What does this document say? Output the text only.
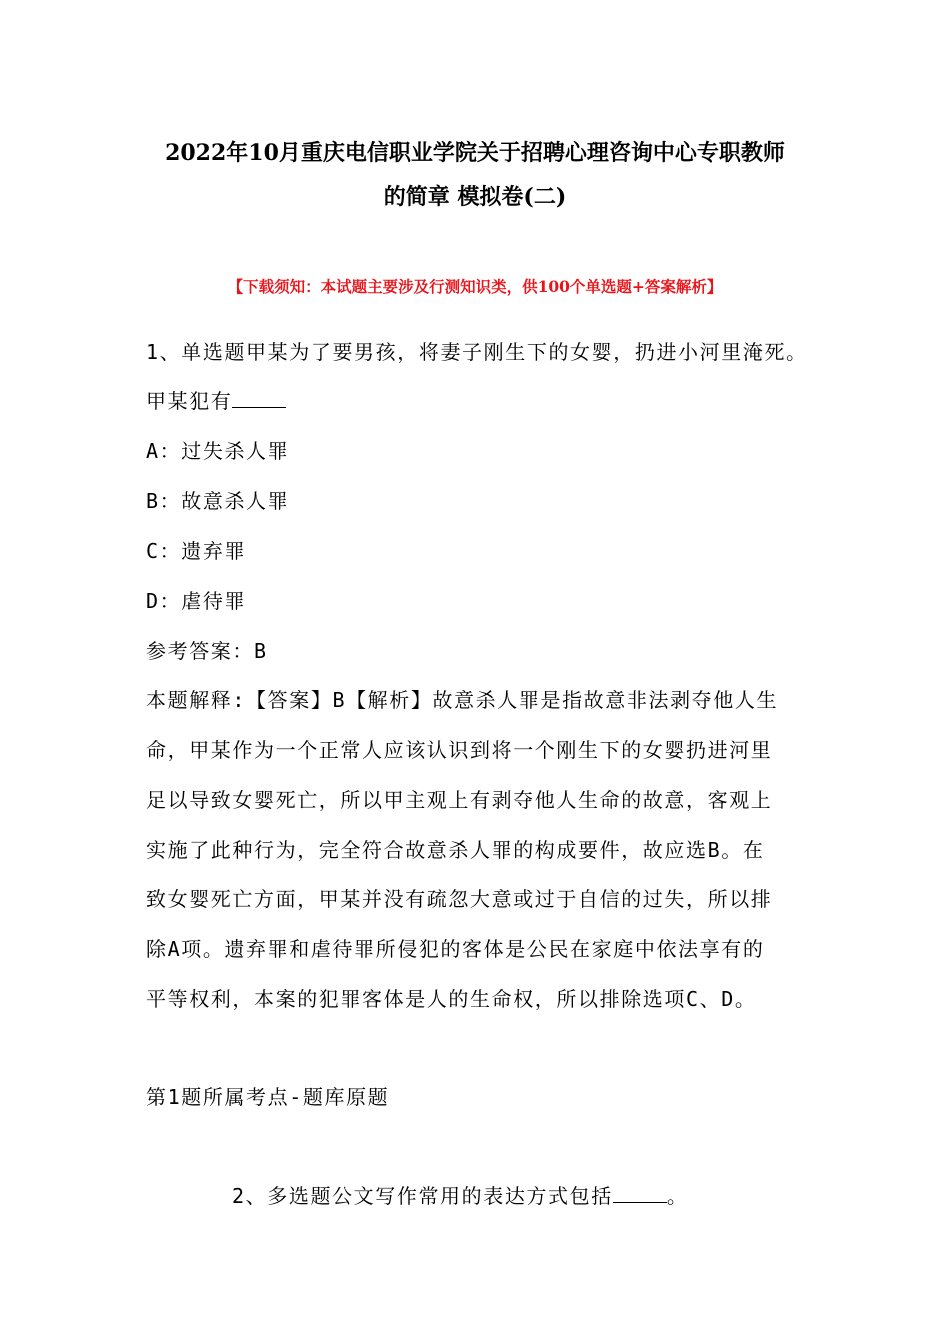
2022年10月重庆电信职业学院关于招聘心理咨询中心专职教师
的简章 模拟卷(二)
【下载须知：本试题主要涉及行测知识类，供100个单选题+答案解析】
1、单选题甲某为了要男孩，将妻子刚生下的女婴，扔进小河里淹死。
甲某犯有
A：过失杀人罪
B：故意杀人罪
C：遗弃罪
D：虐待罪
参考答案：B
本题解释:【答案】B【解析】故意杀人罪是指故意非法剥夺他人生
命，甲某作为一个正常人应该认识到将一个刚生下的女婴扔进河里
足以导致女婴死亡，所以甲主观上有剥夺他人生命的故意，客观上
实施了此种行为，完全符合故意杀人罪的构成要件，故应选B。在
致女婴死亡方面，甲某并没有疏忽大意或过于自信的过失，所以排
除A项。遗弃罪和虐待罪所侵犯的客体是公民在家庭中依法享有的
平等权利，本案的犯罪客体是人的生命权，所以排除选项C、D。
第1题所属考点-题库原题
2、多选题公文写作常用的表达方式包括	。
